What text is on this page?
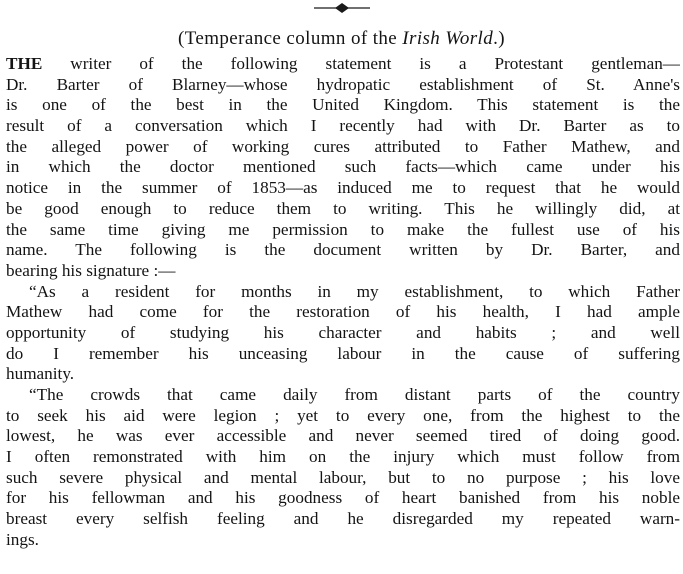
(Temperance column of the Irish World.)
THE writer of the following statement is a Protestant gentleman—
Dr. Barter of Blarney—whose hydropatic establishment of St. Anne's
is one of the best in the United Kingdom. This statement is the
result of a conversation which I recently had with Dr. Barter as to
the alleged power of working cures attributed to Father Mathew, and
in which the doctor mentioned such facts—which came under his
notice in the summer of 1853—as induced me to request that he would
be good enough to reduce them to writing. This he willingly did, at
the same time giving me permission to make the fullest use of his
name. The following is the document written by Dr. Barter, and
bearing his signature :—
“As a resident for months in my establishment, to which Father
Mathew had come for the restoration of his health, I had ample
opportunity of studying his character and habits ; and well
do I remember his unceasing labour in the cause of suffering
humanity.
“The crowds that came daily from distant parts of the country
to seek his aid were legion ; yet to every one, from the highest to the
lowest, he was ever accessible and never seemed tired of doing good.
I often remonstrated with him on the injury which must follow from
such severe physical and mental labour, but to no purpose ; his love
for his fellowman and his goodness of heart banished from his noble
breast every selfish feeling and he disregarded my repeated warn-
ings.
